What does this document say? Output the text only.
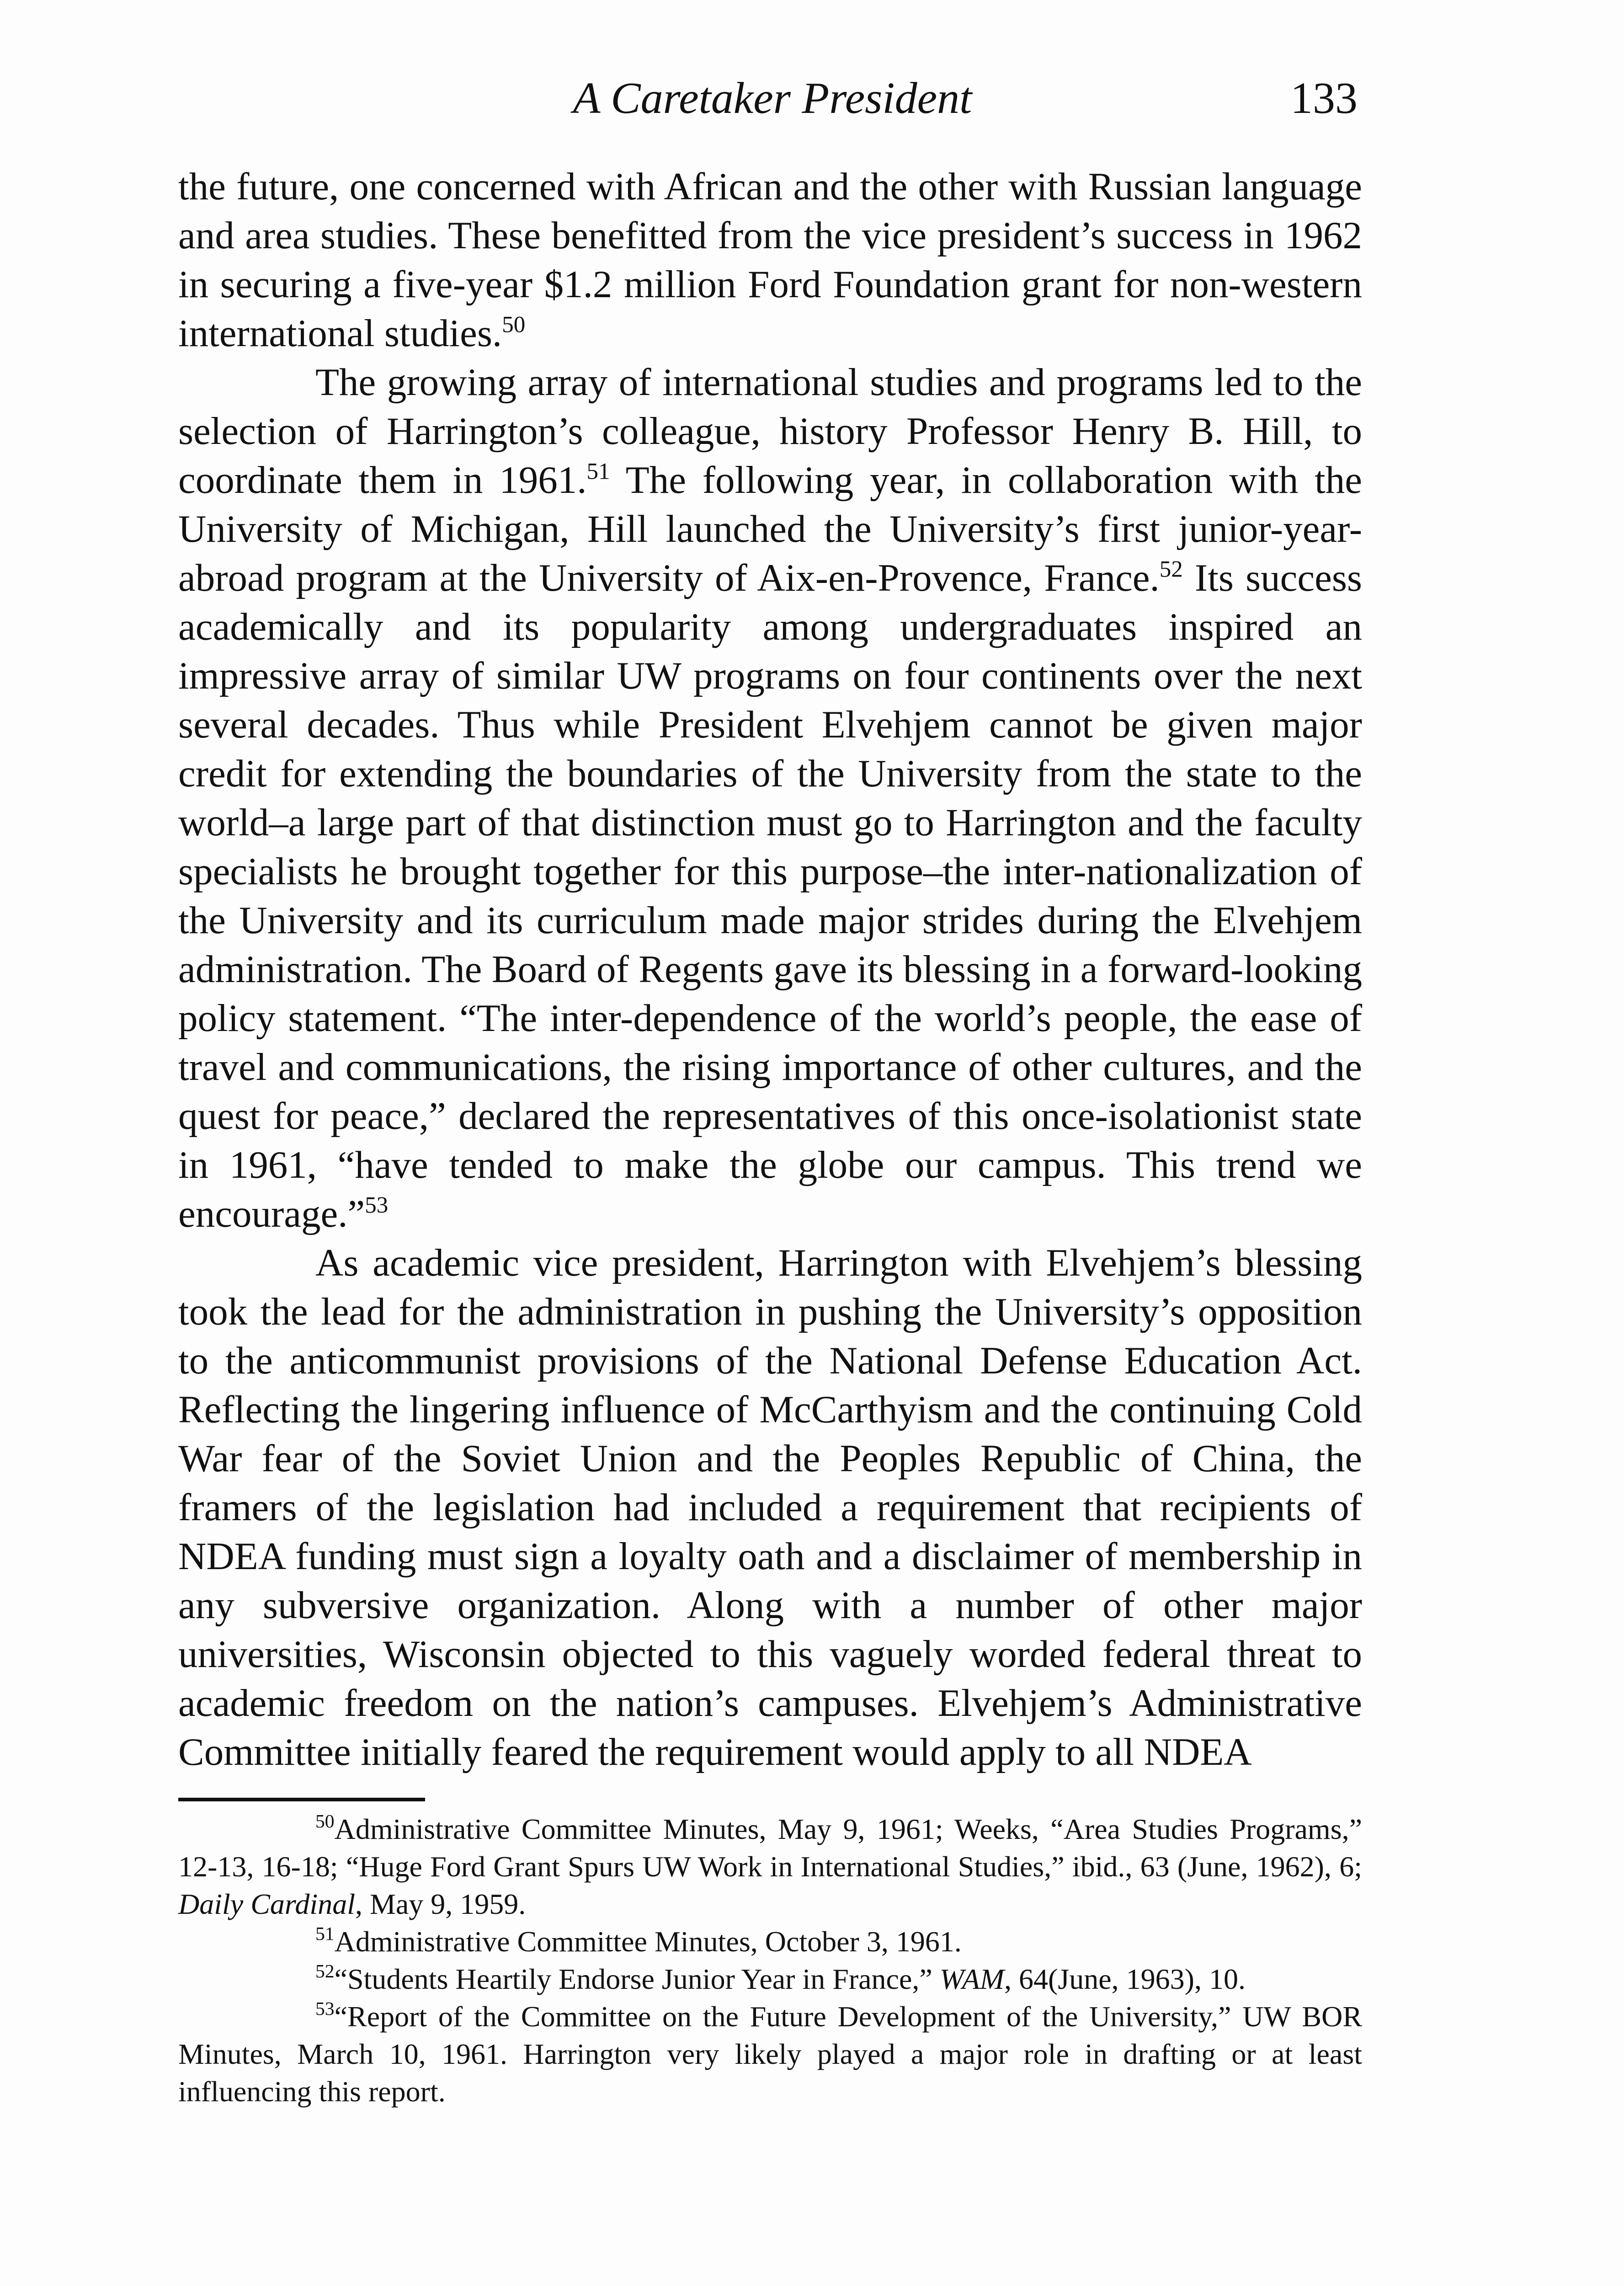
A Caretaker President	133

the future, one concerned with African and the other with Russian language and area studies. These benefitted from the vice president’s success in 1962 in securing a five-year $1.2 million Ford Foundation grant for non-western international studies.$^{50}$

The growing array of international studies and programs led to the selection of Harrington’s colleague, history Professor Henry B. Hill, to coordinate them in 1961.51 The following year, in collaboration with the University of Michigan, Hill launched the University’s first junior-year-abroad program at the University of Aix-en-Provence, France.$^{52}$ Its success academically and its popularity among undergraduates inspired an impressive array of similar UW programs on four continents over the next several decades. Thus while President Elvehjem cannot be given major credit for extending the boundaries of the University from the state to the world–a large part of that distinction must go to Harrington and the faculty specialists he brought together for this purpose–the inter-nationalization of the University and its curriculum made major strides during the Elvehjem administration. The Board of Regents gave its blessing in a forward-looking policy statement. “The inter-dependence of the world’s people, the ease of travel and communications, the rising importance of other cultures, and the quest for peace,” declared the representatives of this once-isolationist state in 1961, “have tended to make the globe our campus. This trend we encourage.”$^{53}$

As academic vice president, Harrington with Elvehjem’s blessing took the lead for the administration in pushing the University’s opposition to the anticommunist provisions of the National Defense Education Act. Reflecting the lingering influence of McCarthyism and the continuing Cold War fear of the Soviet Union and the Peoples Republic of China, the framers of the legislation had included a requirement that recipients of NDEA funding must sign a loyalty oath and a disclaimer of membership in any subversive organization. Along with a number of other major universities, Wisconsin objected to this vaguely worded federal threat to academic freedom on the nation’s campuses. Elvehjem’s Administrative Committee initially feared the requirement would apply to all NDEA

$^{50}$Administrative Committee Minutes, May 9, 1961; Weeks, “Area Studies Programs,” 12-13, 16-18; “Huge Ford Grant Spurs UW Work in International Studies,” ibid., 63 (June, 1962), 6; Daily Cardinal, May 9, 1959.

$^{51}$Administrative Committee Minutes, October 3, 1961.

$^{52}$“Students Heartily Endorse Junior Year in France,” WAM, 64(June, 1963), 10.

$^{53}$“Report of the Committee on the Future Development of the University,” UW BOR Minutes, March 10, 1961. Harrington very likely played a major role in drafting or at least influencing this report.
